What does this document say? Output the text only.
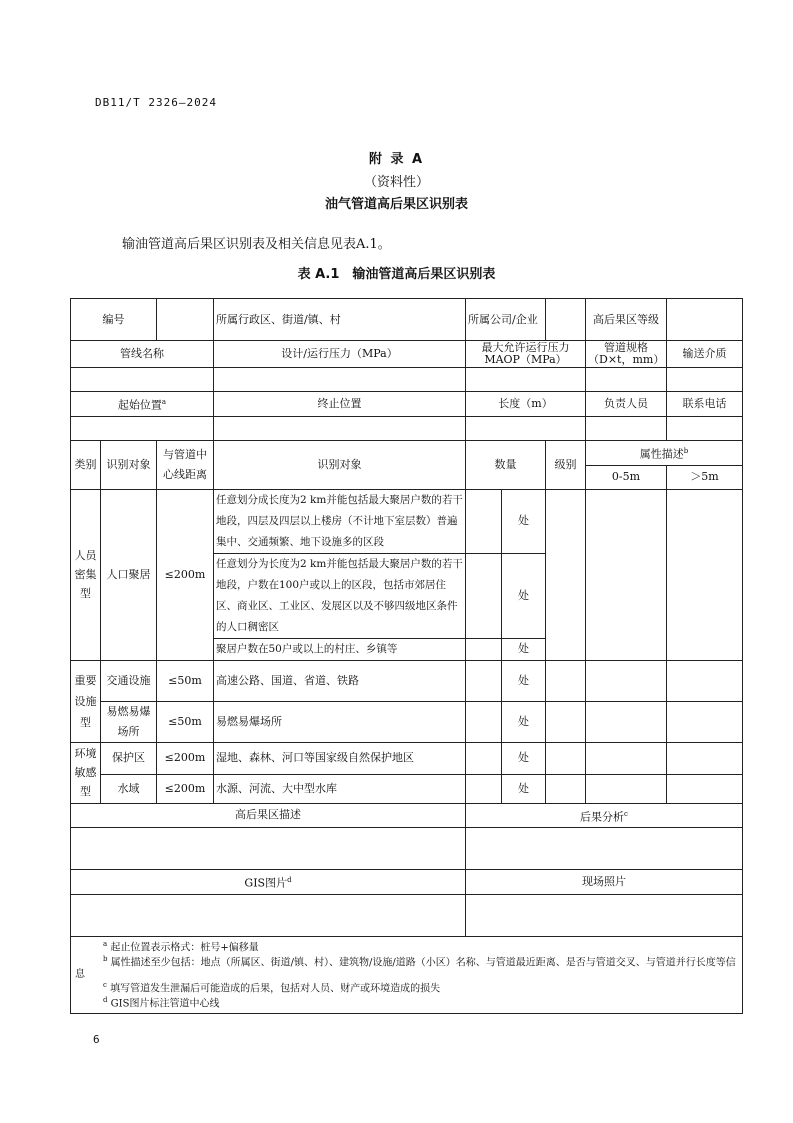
DB11/T 2326—2024
附 录 A
（资料性）
油气管道高后果区识别表
输油管道高后果区识别表及相关信息见表A.1。
表 A.1　输油管道高后果区识别表
编号			所属行政区、街道/镇、村	所属公司/企业			高后果区等级	
管线名称			设计/运行压力（MPa）	最大允许运行压力MAOP（MPa）			管道规格（D×t，mm）	输送介质

起始位置$^a$			终止位置	长度（m）			负责人员	联系电话

类别	识别对象	与管道中心线距离	识别对象	数量		级别	属性描述$^b$
							0-5m	＞5m
人员密集型	人口聚居	≤200m	任意划分成长度为2 km并能包括最大聚居户数的若干地段，四层及四层以上楼房（不计地下室层数）普遍集中、交通频繁、地下设施多的区段		处			
			任意划分为长度为2 km并能包括最大聚居户数的若干地段，户数在100户或以上的区段，包括市郊居住区、商业区、工业区、发展区以及不够四级地区条件的人口稠密区		处			
			聚居户数在50户或以上的村庄、乡镇等		处			
重要设施型	交通设施	≤50m	高速公路、国道、省道、铁路		处			
	易燃易爆场所	≤50m	易燃易爆场所		处			
环境敏感型	保护区	≤200m	湿地、森林、河口等国家级自然保护地区		处			
	水域	≤200m	水源、河流、大中型水库		处			
高后果区描述				后果分析$^c$

GIS图片$^d$				现场照片				

$^a$ 起止位置表示格式：桩号+偏移量
$^b$ 属性描述至少包括：地点（所属区、街道/镇、村）、建筑物/设施/道路（小区）名称、与管道最近距离、是否与管道交叉、与管道并行长度等信息
$^c$ 填写管道发生泄漏后可能造成的后果，包括对人员、财产或环境造成的损失
$^d$ GIS图片标注管道中心线								
6
